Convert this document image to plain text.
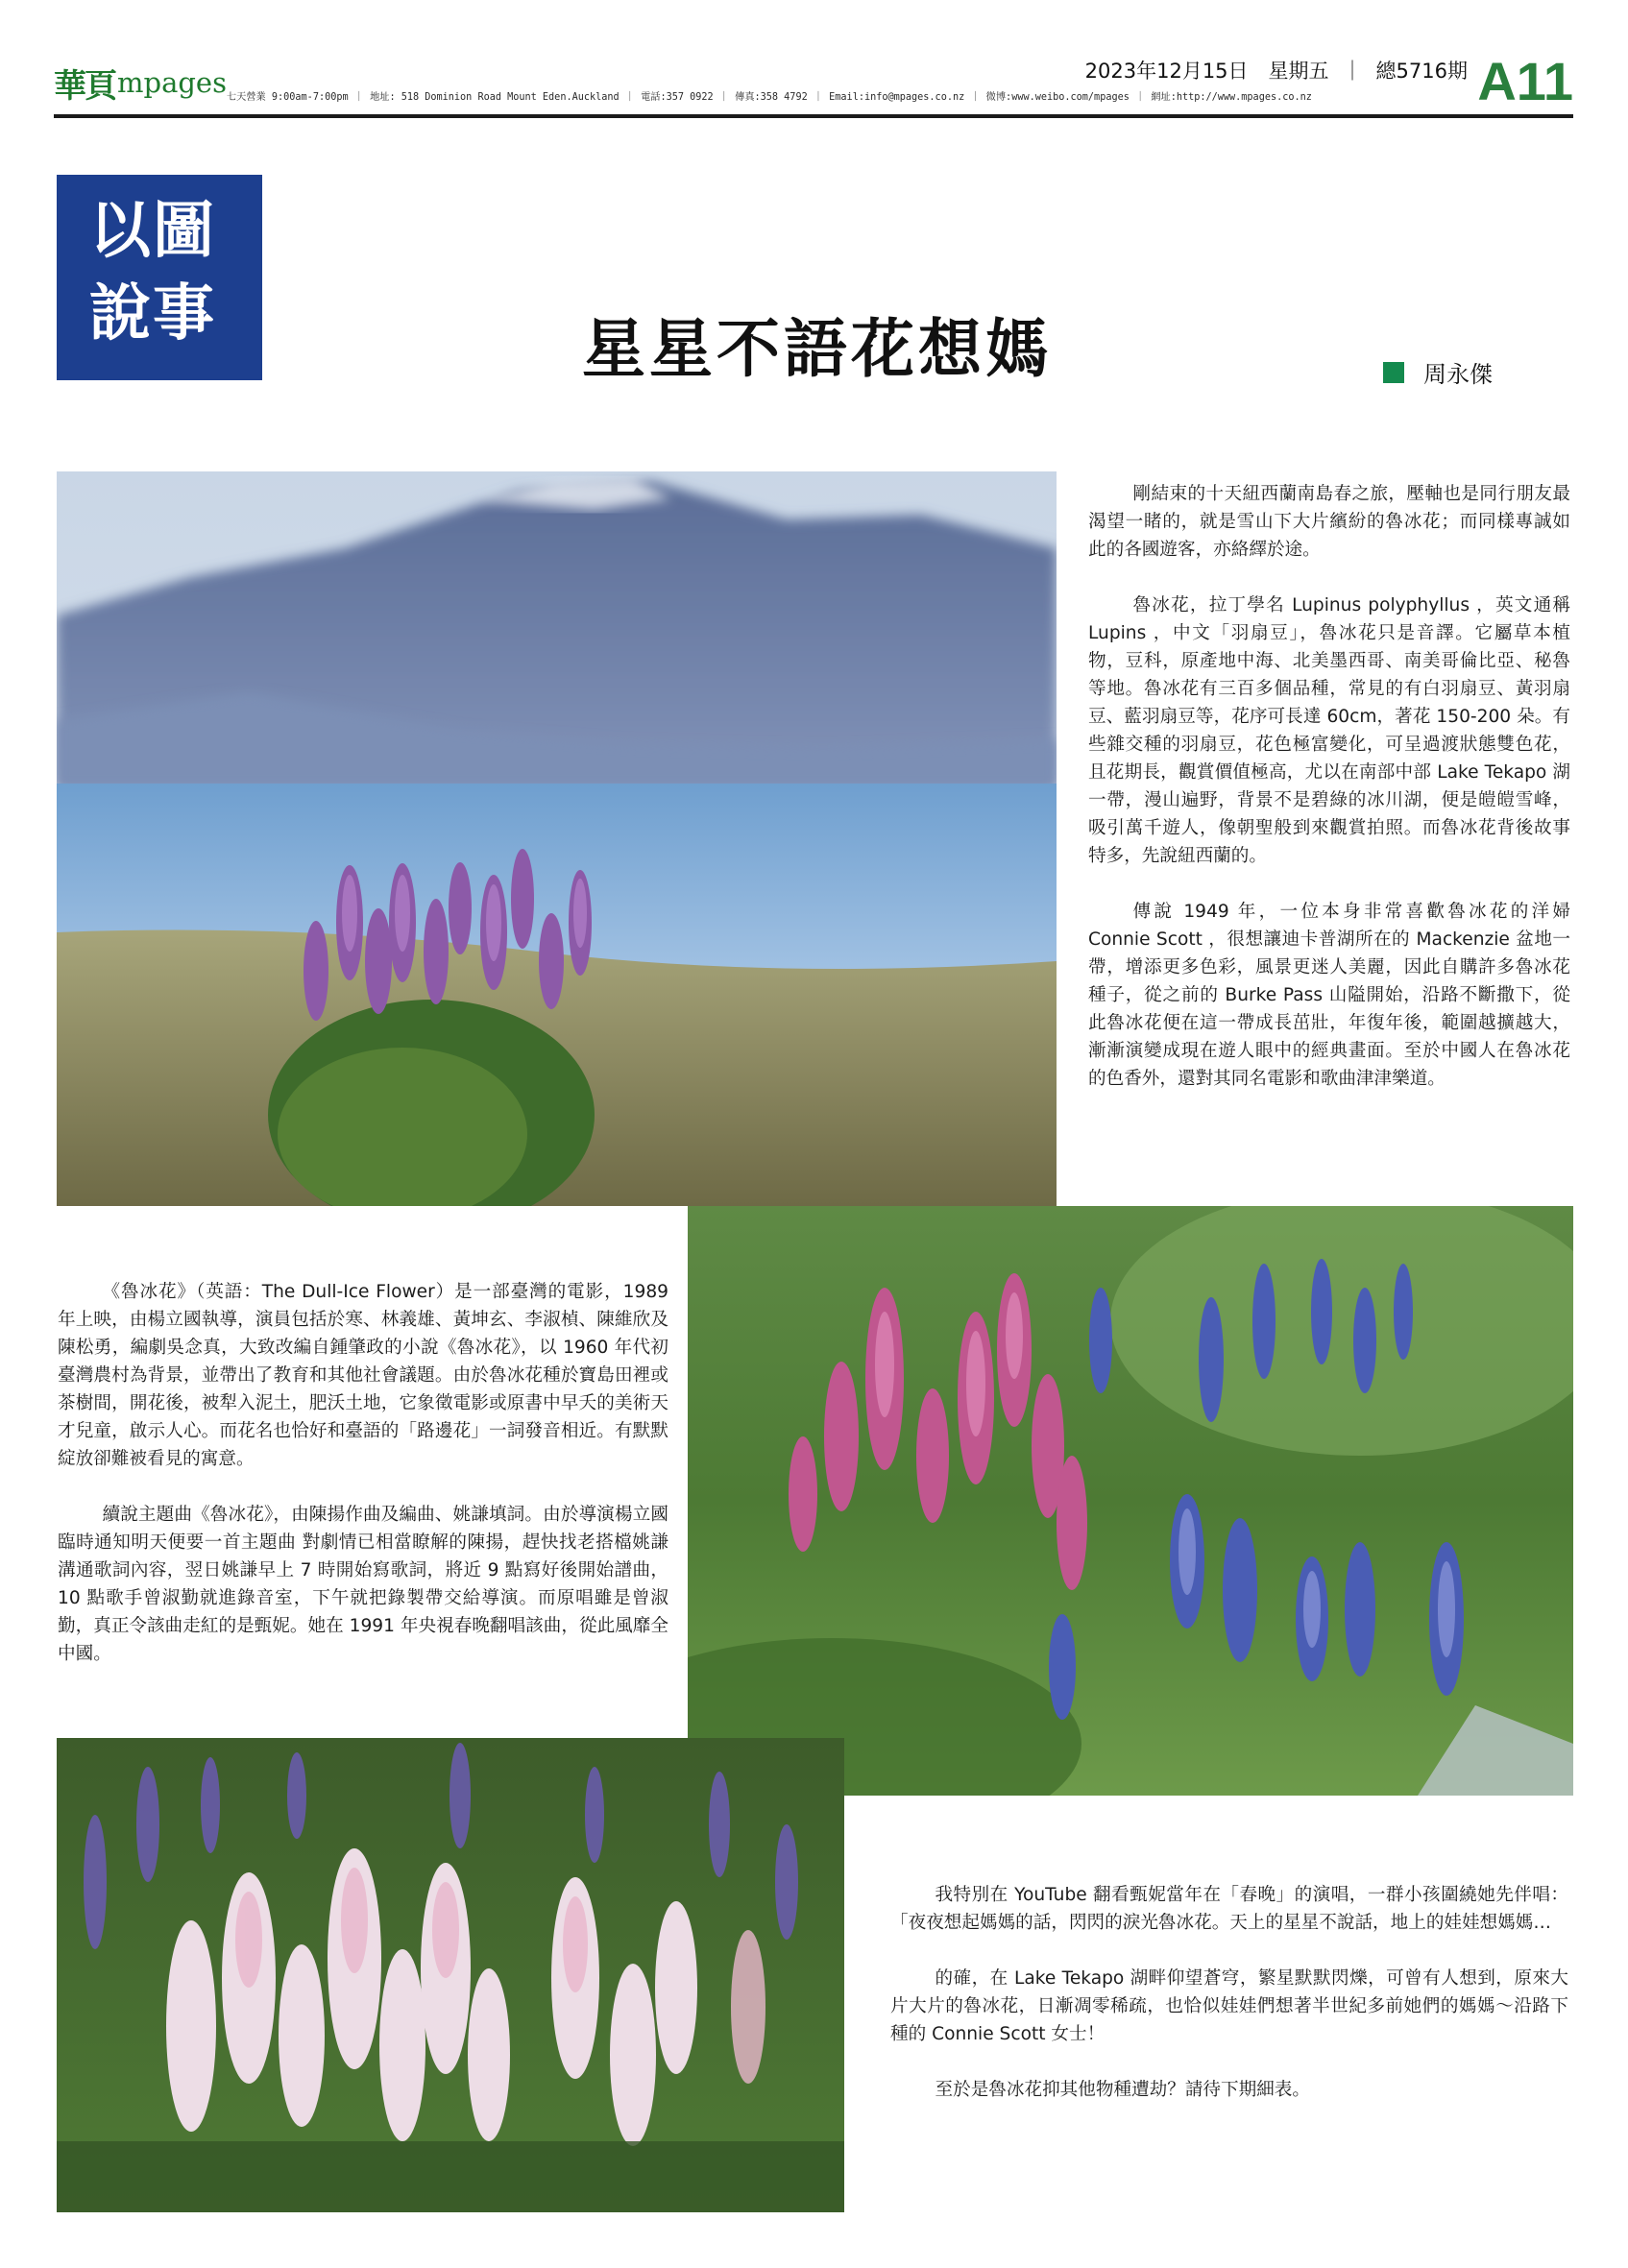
華頁 mpages 七天營業 9:00am-7:00pm ｜ 地址: 518 Dominion Road Mount Eden.Auckland ｜ 電話:357 0922 ｜ 傳真:358 4792 ｜ Email:info@mpages.co.nz ｜ 微博:www.weibo.com/mpages ｜ 網址:http://www.mpages.co.nz
2023年12月15日　星期五 ｜ 總5716期 A11
以圖
說事	星星不語花想媽	周永傑

剛結束的十天紐西蘭南島春之旅，壓軸也是同行朋友最渴望一睹的，就是雪山下大片繽紛的魯冰花；而同樣專誠如此的各國遊客，亦絡繹於途。

魯冰花，拉丁學名 Lupinus polyphyllus ，英文通稱 Lupins ，中文「羽扇豆」，魯冰花只是音譯。它屬草本植物，豆科，原產地中海、北美墨西哥、南美哥倫比亞、秘魯等地。魯冰花有三百多個品種，常見的有白羽扇豆、黃羽扇豆、藍羽扇豆等，花序可長達 60cm，著花 150-200 朵。有些雜交種的羽扇豆，花色極富變化，可呈過渡狀態雙色花，且花期長，觀賞價值極高，尤以在南部中部 Lake Tekapo 湖一帶，漫山遍野，背景不是碧綠的冰川湖，便是皚皚雪峰，吸引萬千遊人，像朝聖般到來觀賞拍照。而魯冰花背後故事特多，先說紐西蘭的。

傳說 1949 年，一位本身非常喜歡魯冰花的洋婦 Connie Scott ，很想讓迪卡普湖所在的 Mackenzie 盆地一帶，增添更多色彩，風景更迷人美麗，因此自購許多魯冰花種子，從之前的 Burke Pass 山隘開始，沿路不斷撒下，從此魯冰花便在這一帶成長茁壯，年復年後，範圍越擴越大，漸漸演變成現在遊人眼中的經典畫面。至於中國人在魯冰花的色香外，還對其同名電影和歌曲津津樂道。

《魯冰花》（英語：The Dull-Ice Flower）是一部臺灣的電影，1989 年上映，由楊立國執導，演員包括於寒、林義雄、黃坤玄、李淑楨、陳維欣及陳松勇，編劇吳念真，大致改編自鍾肇政的小說《魯冰花》，以 1960 年代初臺灣農村為背景，並帶出了教育和其他社會議題。由於魯冰花種於寶島田裡或茶樹間，開花後，被犁入泥土，肥沃土地，它象徵電影或原書中早夭的美術天才兒童，啟示人心。而花名也恰好和臺語的「路邊花」一詞發音相近。有默默綻放卻難被看見的寓意。

續說主題曲《魯冰花》，由陳揚作曲及編曲、姚謙填詞。由於導演楊立國臨時通知明天便要一首主題曲 對劇情已相當瞭解的陳揚，趕快找老搭檔姚謙溝通歌詞內容，翌日姚謙早上 7 時開始寫歌詞，將近 9 點寫好後開始譜曲，10 點歌手曾淑勤就進錄音室，下午就把錄製帶交給導演。而原唱雖是曾淑勤，真正令該曲走紅的是甄妮。她在 1991 年央視春晚翻唱該曲，從此風靡全中國。

我特別在 YouTube 翻看甄妮當年在「春晚」的演唱，一群小孩圍繞她先伴唱：「夜夜想起媽媽的話，閃閃的淚光魯冰花。天上的星星不說話，地上的娃娃想媽媽…

的確，在 Lake Tekapo 湖畔仰望蒼穹，繁星默默閃爍，可曾有人想到，原來大片大片的魯冰花，日漸凋零稀疏，也恰似娃娃們想著半世紀多前她們的媽媽～沿路下種的 Connie Scott 女士！

至於是魯冰花抑其他物種遭劫？請待下期細表。
